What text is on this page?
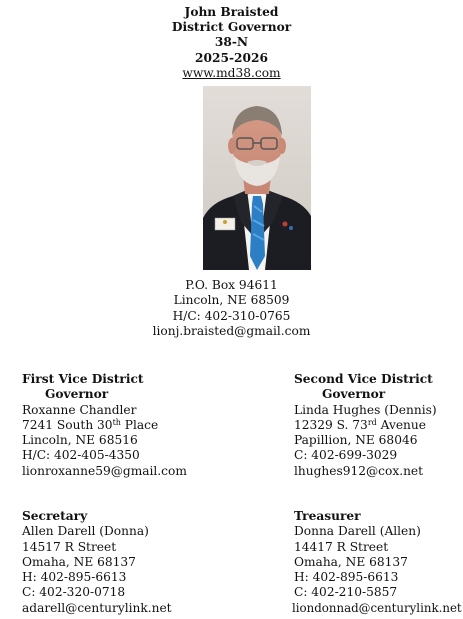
John Braisted
District Governor
38-N
2025-2026
www.md38.com
P.O. Box 94611
Lincoln, NE 68509
H/C: 402-310-0765
lionj.braisted@gmail.com
First Vice District
Governor
Roxanne Chandler
7241 South 30th Place
Lincoln, NE 68516
H/C: 402-405-4350
lionroxanne59@gmail.com
Second Vice District
Governor
Linda Hughes (Dennis)
12329 S. 73rd Avenue
Papillion, NE 68046
C: 402-699-3029
lhughes912@cox.net
Secretary
Allen Darell (Donna)
14517 R Street
Omaha, NE 68137
H: 402-895-6613
C: 402-320-0718
adarell@centurylink.net
Treasurer
Donna Darell (Allen)
14417 R Street
Omaha, NE 68137
H: 402-895-6613
C: 402-210-5857
liondonnad@centurylink.net
